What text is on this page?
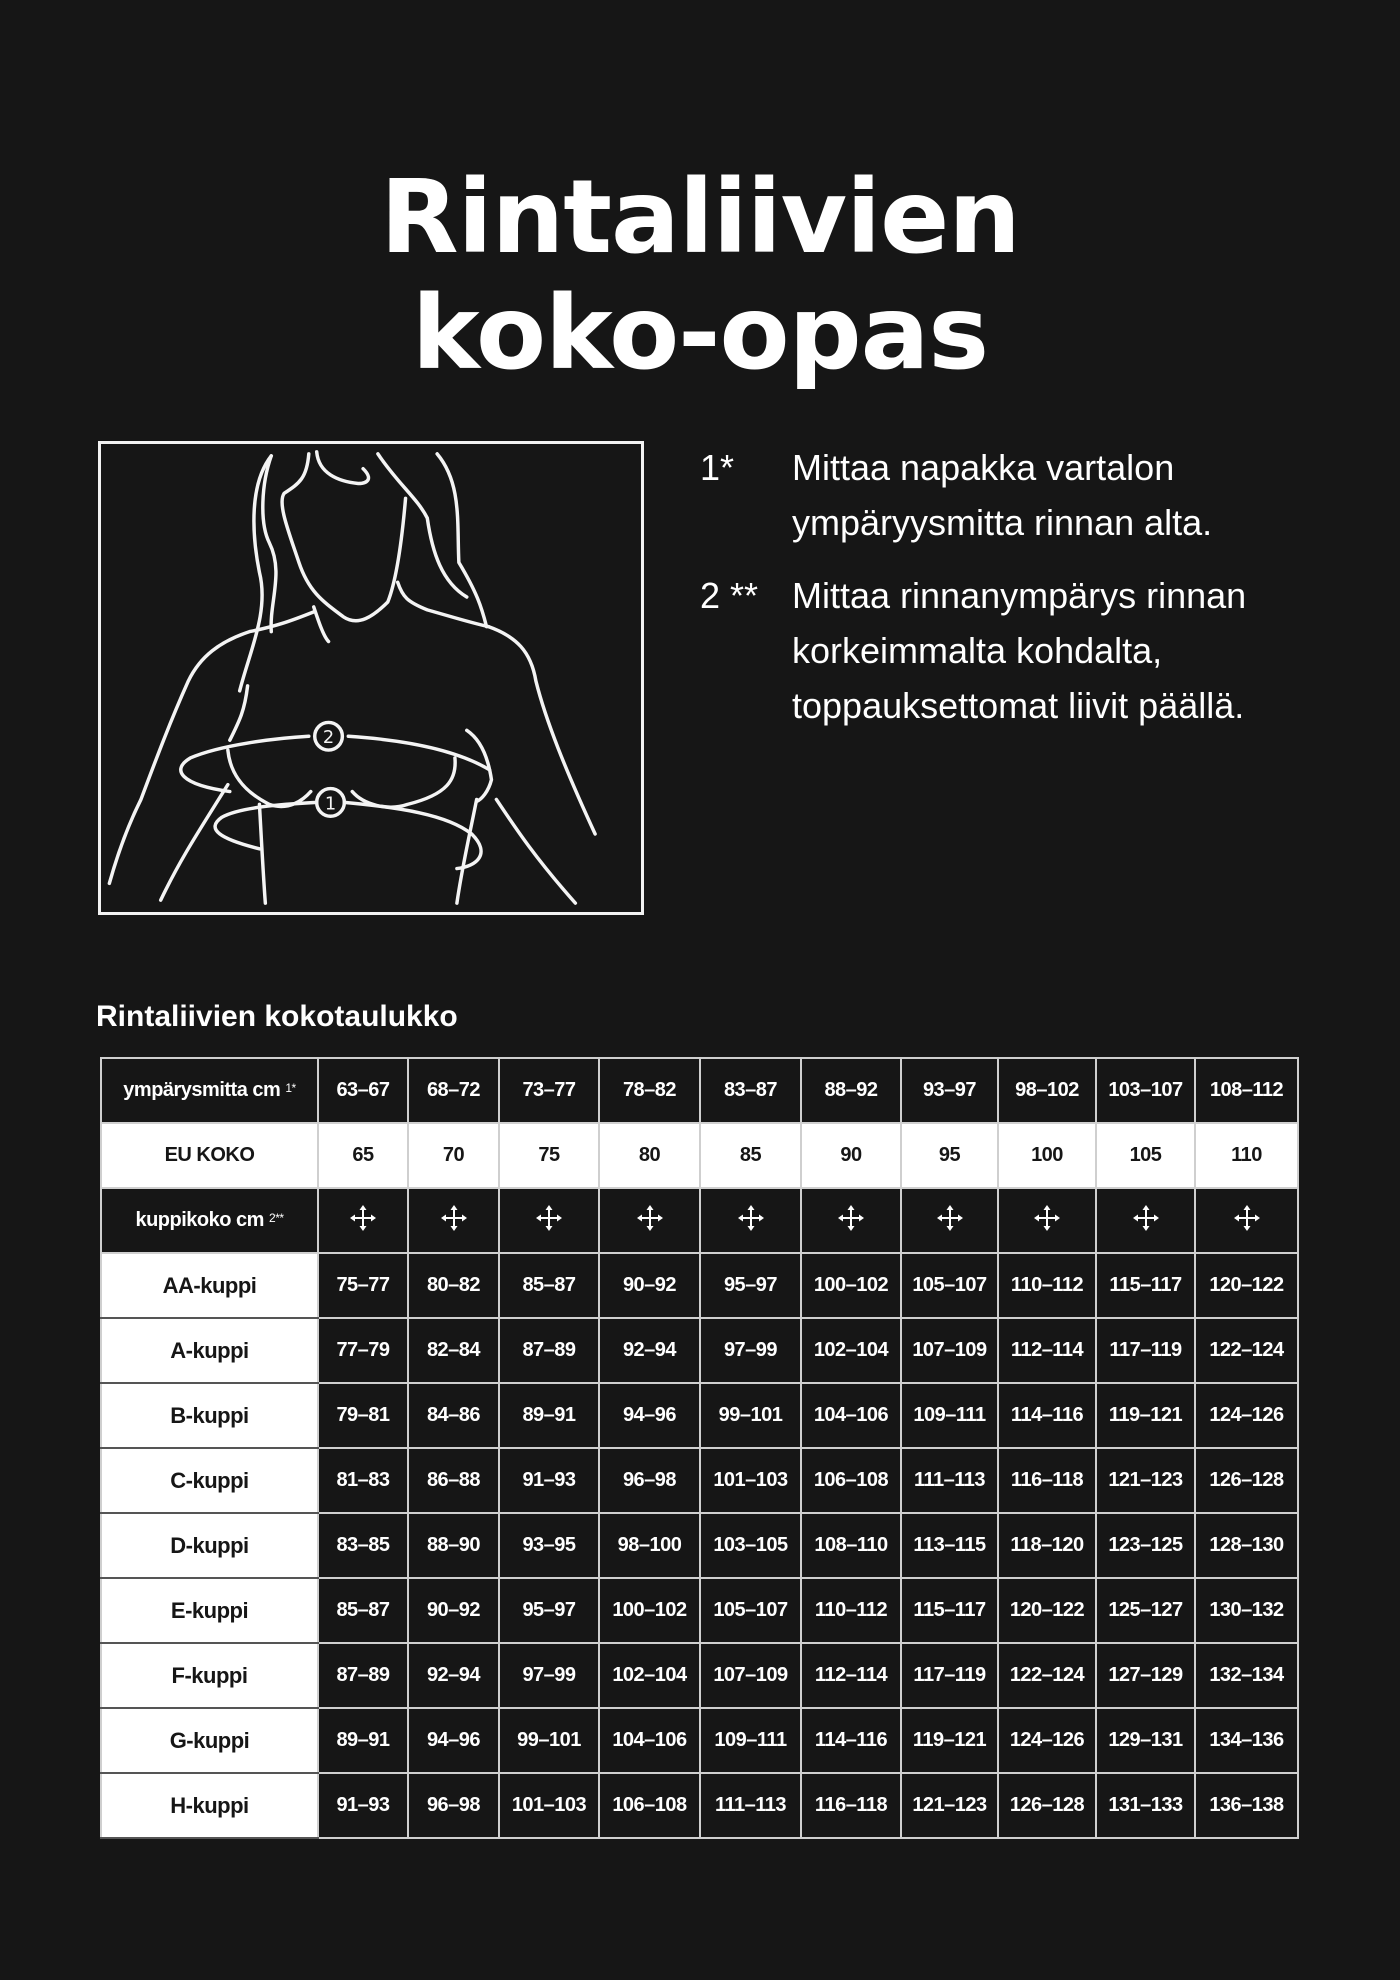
Rintaliivien
koko-opas
2
1
1*	Mittaa napakka vartalon ympäryysmitta rinnan alta.
2 ** Mittaa rinnanympärys rinnan korkeimmalta kohdalta, toppauksettomat liivit päällä.
Rintaliivien kokotaulukko
ympärysmitta cm $^{1*}$	63–67	68–72	73–77	78–82	83–87	88–92	93–97	98–102	103–107	108–112
EU KOKO	65	70	75	80	85	90	95	100	105	110
kuppikoko cm $^{2**}$										
AA-kuppi	75–77	80–82	85–87	90–92	95–97	100–102	105–107	110–112	115–117	120–122
A-kuppi	77–79	82–84	87–89	92–94	97–99	102–104	107–109	112–114	117–119	122–124
B-kuppi	79–81	84–86	89–91	94–96	99–101	104–106	109–111	114–116	119–121	124–126
C-kuppi	81–83	86–88	91–93	96–98	101–103	106–108	111–113	116–118	121–123	126–128
D-kuppi	83–85	88–90	93–95	98–100	103–105	108–110	113–115	118–120	123–125	128–130
E-kuppi	85–87	90–92	95–97	100–102	105–107	110–112	115–117	120–122	125–127	130–132
F-kuppi	87–89	92–94	97–99	102–104	107–109	112–114	117–119	122–124	127–129	132–134
G-kuppi	89–91	94–96	99–101	104–106	109–111	114–116	119–121	124–126	129–131	134–136
H-kuppi	91–93	96–98	101–103	106–108	111–113	116–118	121–123	126–128	131–133	136–138
